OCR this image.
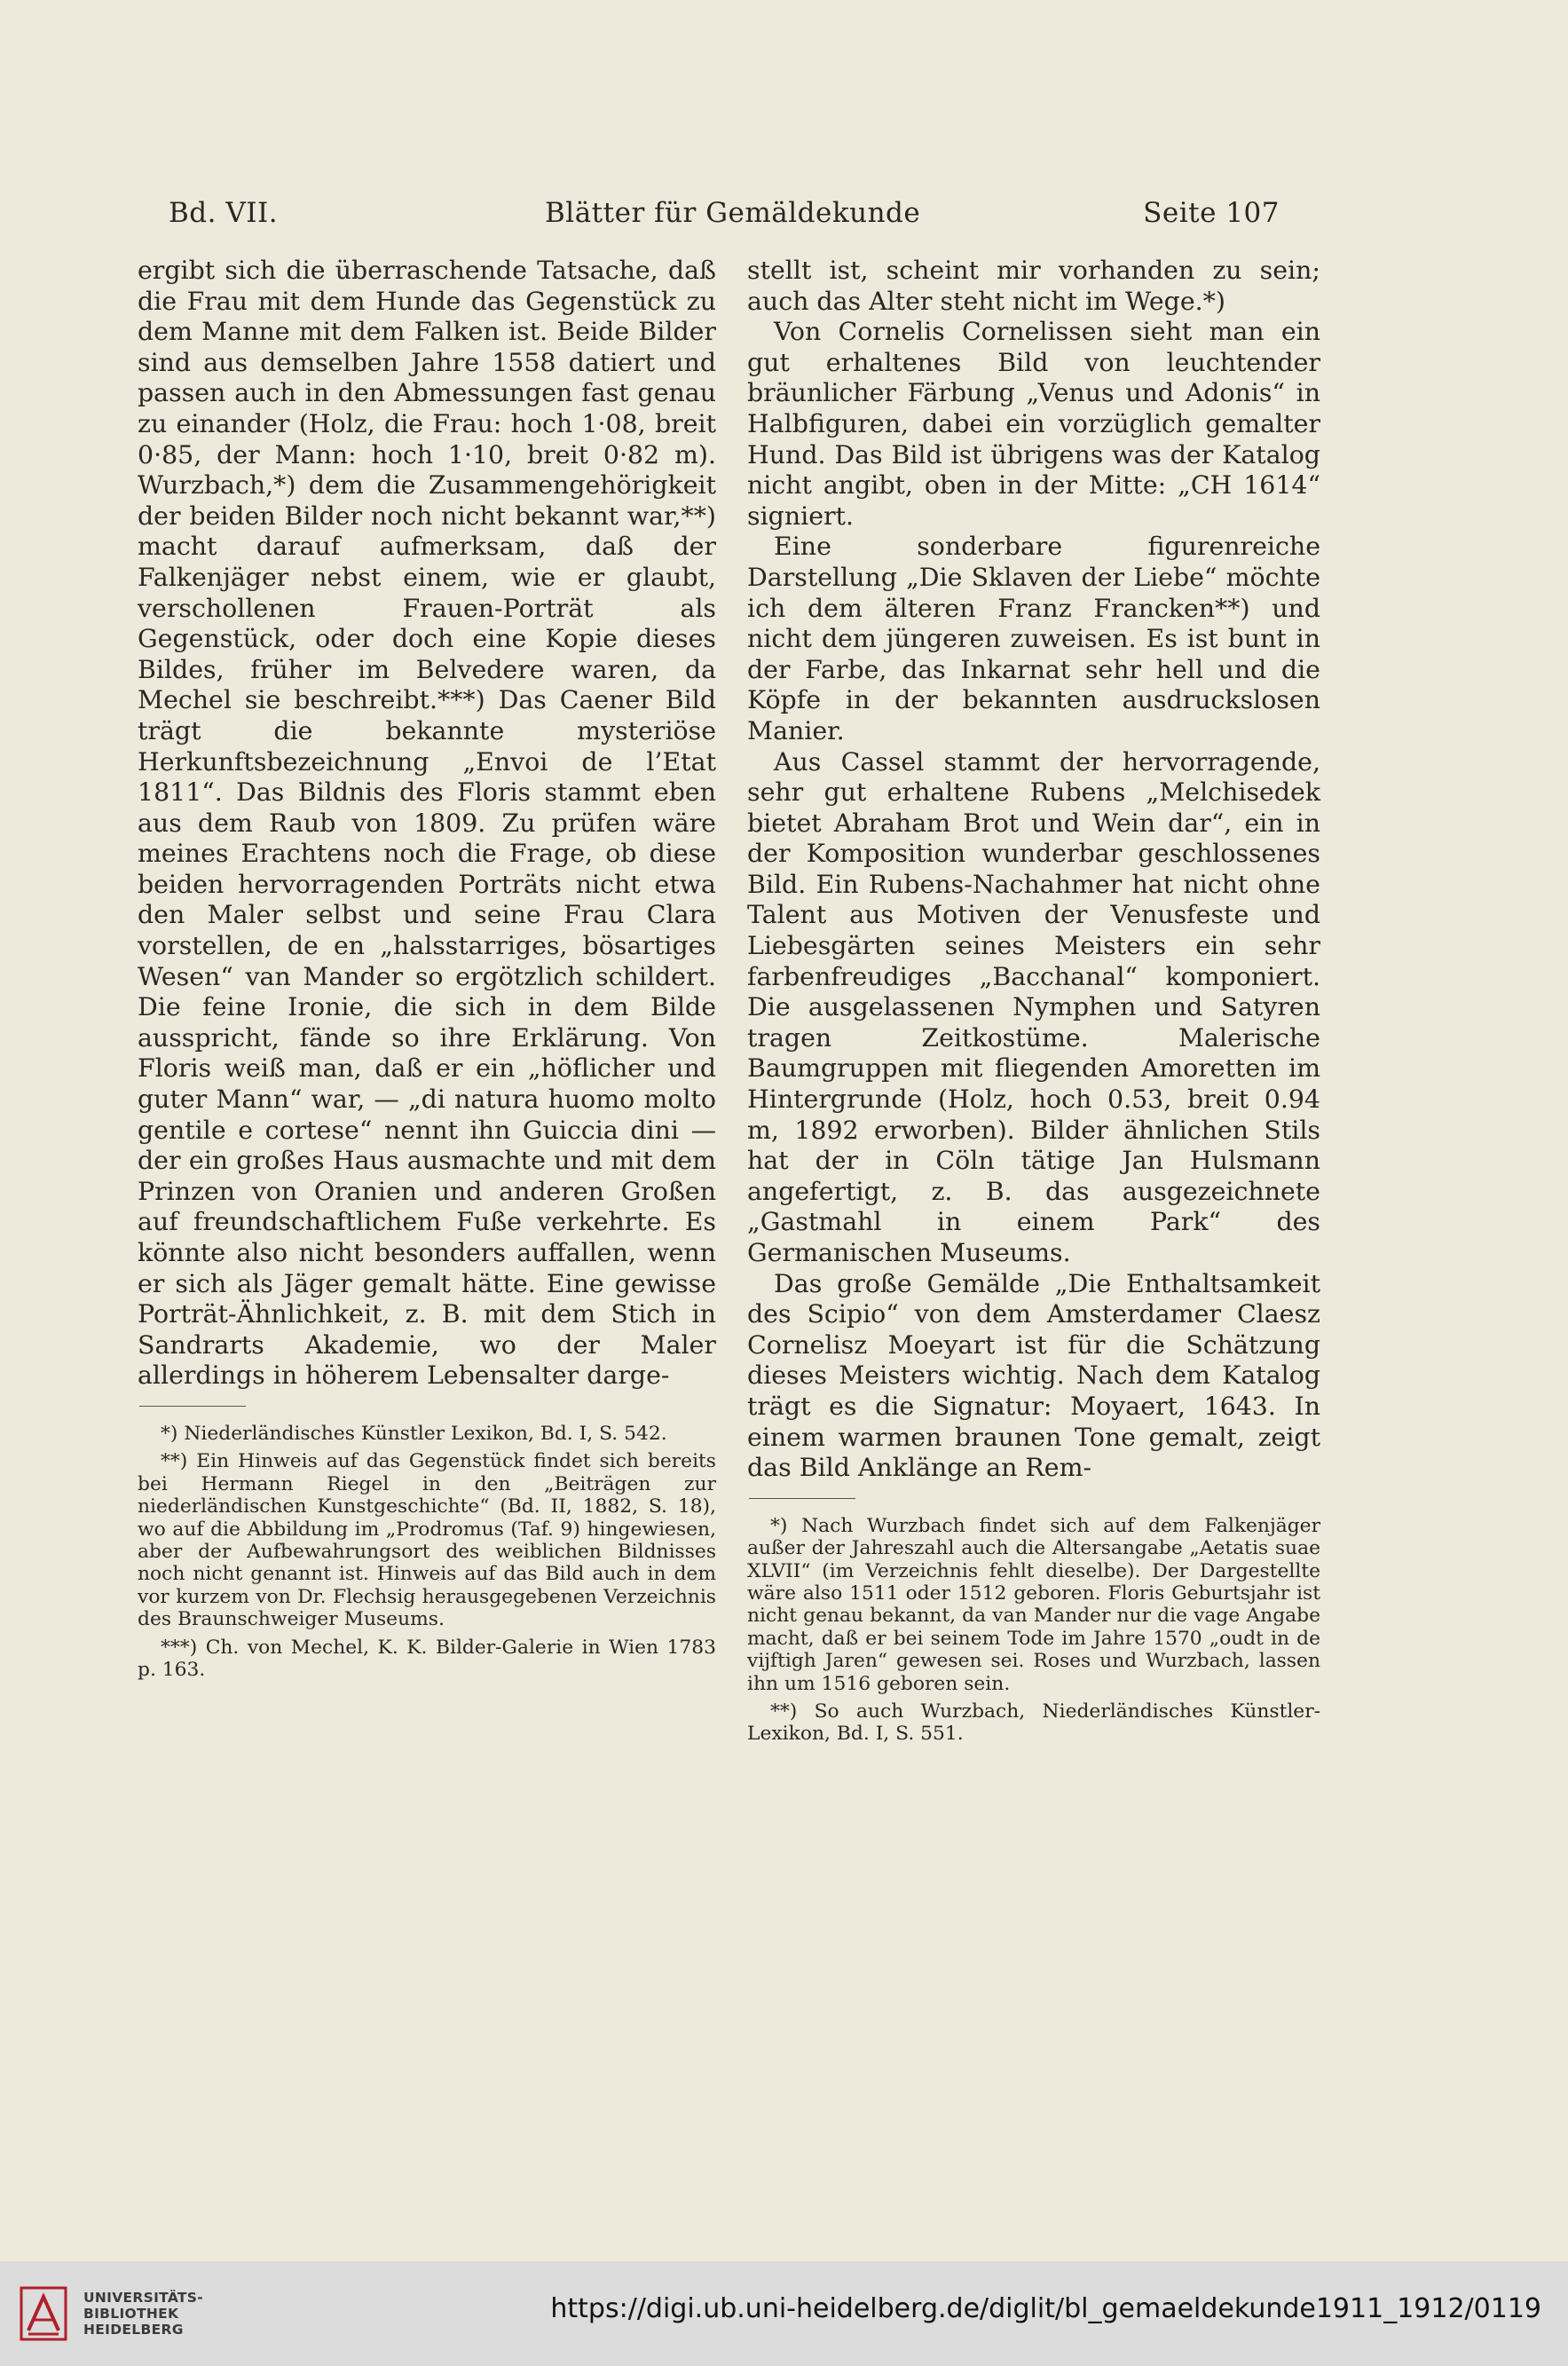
Bd. VII.	Blätter für Gemäldekunde	Seite 107

ergibt sich die überraschende Tatsache, daß die Frau mit dem Hunde das Gegenstück zu dem Manne mit dem Falken ist. Beide Bilder sind aus demselben Jahre 1558 datiert und passen auch in den Abmessungen fast genau zu einander (Holz, die Frau: hoch 1·08, breit 0·85, der Mann: hoch 1·10, breit 0·82 m). Wurzbach,*) dem die Zusammengehörigkeit der beiden Bilder noch nicht bekannt war,**) macht darauf aufmerksam, daß der Falkenjäger nebst einem, wie er glaubt, verschollenen Frauen-Porträt als Gegenstück, oder doch eine Kopie dieses Bildes, früher im Belvedere waren, da Mechel sie beschreibt.***) Das Caener Bild trägt die bekannte mysteriöse Herkunftsbezeichnung „Envoi de l’Etat 1811“. Das Bildnis des Floris stammt eben aus dem Raub von 1809. Zu prüfen wäre meines Erachtens noch die Frage, ob diese beiden hervorragenden Porträts nicht etwa den Maler selbst und seine Frau Clara vorstellen, de en „halsstarriges, bösartiges Wesen“ van Mander so ergötzlich schildert. Die feine Ironie, die sich in dem Bilde ausspricht, fände so ihre Erklärung. Von Floris weiß man, daß er ein „höflicher und guter Mann“ war, — „di natura huomo molto gentile e cortese“ nennt ihn Guiccia dini — der ein großes Haus ausmachte und mit dem Prinzen von Oranien und anderen Großen auf freundschaftlichem Fuße verkehrte. Es könnte also nicht besonders auffallen, wenn er sich als Jäger gemalt hätte. Eine gewisse Porträt-Ähnlichkeit, z. B. mit dem Stich in Sandrarts Akademie, wo der Maler allerdings in höherem Lebensalter darge-

*) Niederländisches Künstler Lexikon, Bd. I, S. 542.

**) Ein Hinweis auf das Gegenstück findet sich bereits bei Hermann Riegel in den „Beiträgen zur niederländischen Kunstgeschichte“ (Bd. II, 1882, S. 18), wo auf die Abbildung im „Prodromus (Taf. 9) hingewiesen, aber der Aufbewahrungsort des weiblichen Bildnisses noch nicht genannt ist. Hinweis auf das Bild auch in dem vor kurzem von Dr. Flechsig herausgegebenen Verzeichnis des Braunschweiger Museums.

***) Ch. von Mechel, K. K. Bilder-Galerie in Wien 1783 p. 163.

stellt ist, scheint mir vorhanden zu sein; auch das Alter steht nicht im Wege.*)

Von Cornelis Cornelissen sieht man ein gut erhaltenes Bild von leuchtender bräunlicher Färbung „Venus und Adonis“ in Halbfiguren, dabei ein vorzüglich gemalter Hund. Das Bild ist übrigens was der Katalog nicht angibt, oben in der Mitte: „CH 1614“ signiert.

Eine sonderbare figurenreiche Darstellung „Die Sklaven der Liebe“ möchte ich dem älteren Franz Francken**) und nicht dem jüngeren zuweisen. Es ist bunt in der Farbe, das Inkarnat sehr hell und die Köpfe in der bekannten ausdruckslosen Manier.

Aus Cassel stammt der hervorragende, sehr gut erhaltene Rubens „Melchisedek bietet Abraham Brot und Wein dar“, ein in der Komposition wunderbar geschlossenes Bild. Ein Rubens-Nachahmer hat nicht ohne Talent aus Motiven der Venusfeste und Liebesgärten seines Meisters ein sehr farbenfreudiges „Bacchanal“ komponiert. Die ausgelassenen Nymphen und Satyren tragen Zeitkostüme. Malerische Baumgruppen mit fliegenden Amoretten im Hintergrunde (Holz, hoch 0.53, breit 0.94 m, 1892 erworben). Bilder ähnlichen Stils hat der in Cöln tätige Jan Hulsmann angefertigt, z. B. das ausgezeichnete „Gastmahl in einem Park“ des Germanischen Museums.

Das große Gemälde „Die Enthaltsamkeit des Scipio“ von dem Amsterdamer Claesz Cornelisz Moeyart ist für die Schätzung dieses Meisters wichtig. Nach dem Katalog trägt es die Signatur: Moyaert, 1643. In einem warmen braunen Tone gemalt, zeigt das Bild Anklänge an Rem-

*) Nach Wurzbach findet sich auf dem Falkenjäger außer der Jahreszahl auch die Altersangabe „Aetatis suae XLVII“ (im Verzeichnis fehlt dieselbe). Der Dargestellte wäre also 1511 oder 1512 geboren. Floris Geburtsjahr ist nicht genau bekannt, da van Mander nur die vage Angabe macht, daß er bei seinem Tode im Jahre 1570 „oudt in de vijftigh Jaren“ gewesen sei. Roses und Wurzbach, lassen ihn um 1516 geboren sein.

**) So auch Wurzbach, Niederländisches Künstler-Lexikon, Bd. I, S. 551.

UNIVERSITÄTS-
BIBLIOTHEK
HEIDELBERG
https://digi.ub.uni-heidelberg.de/diglit/bl_gemaeldekunde1911_1912/0119
